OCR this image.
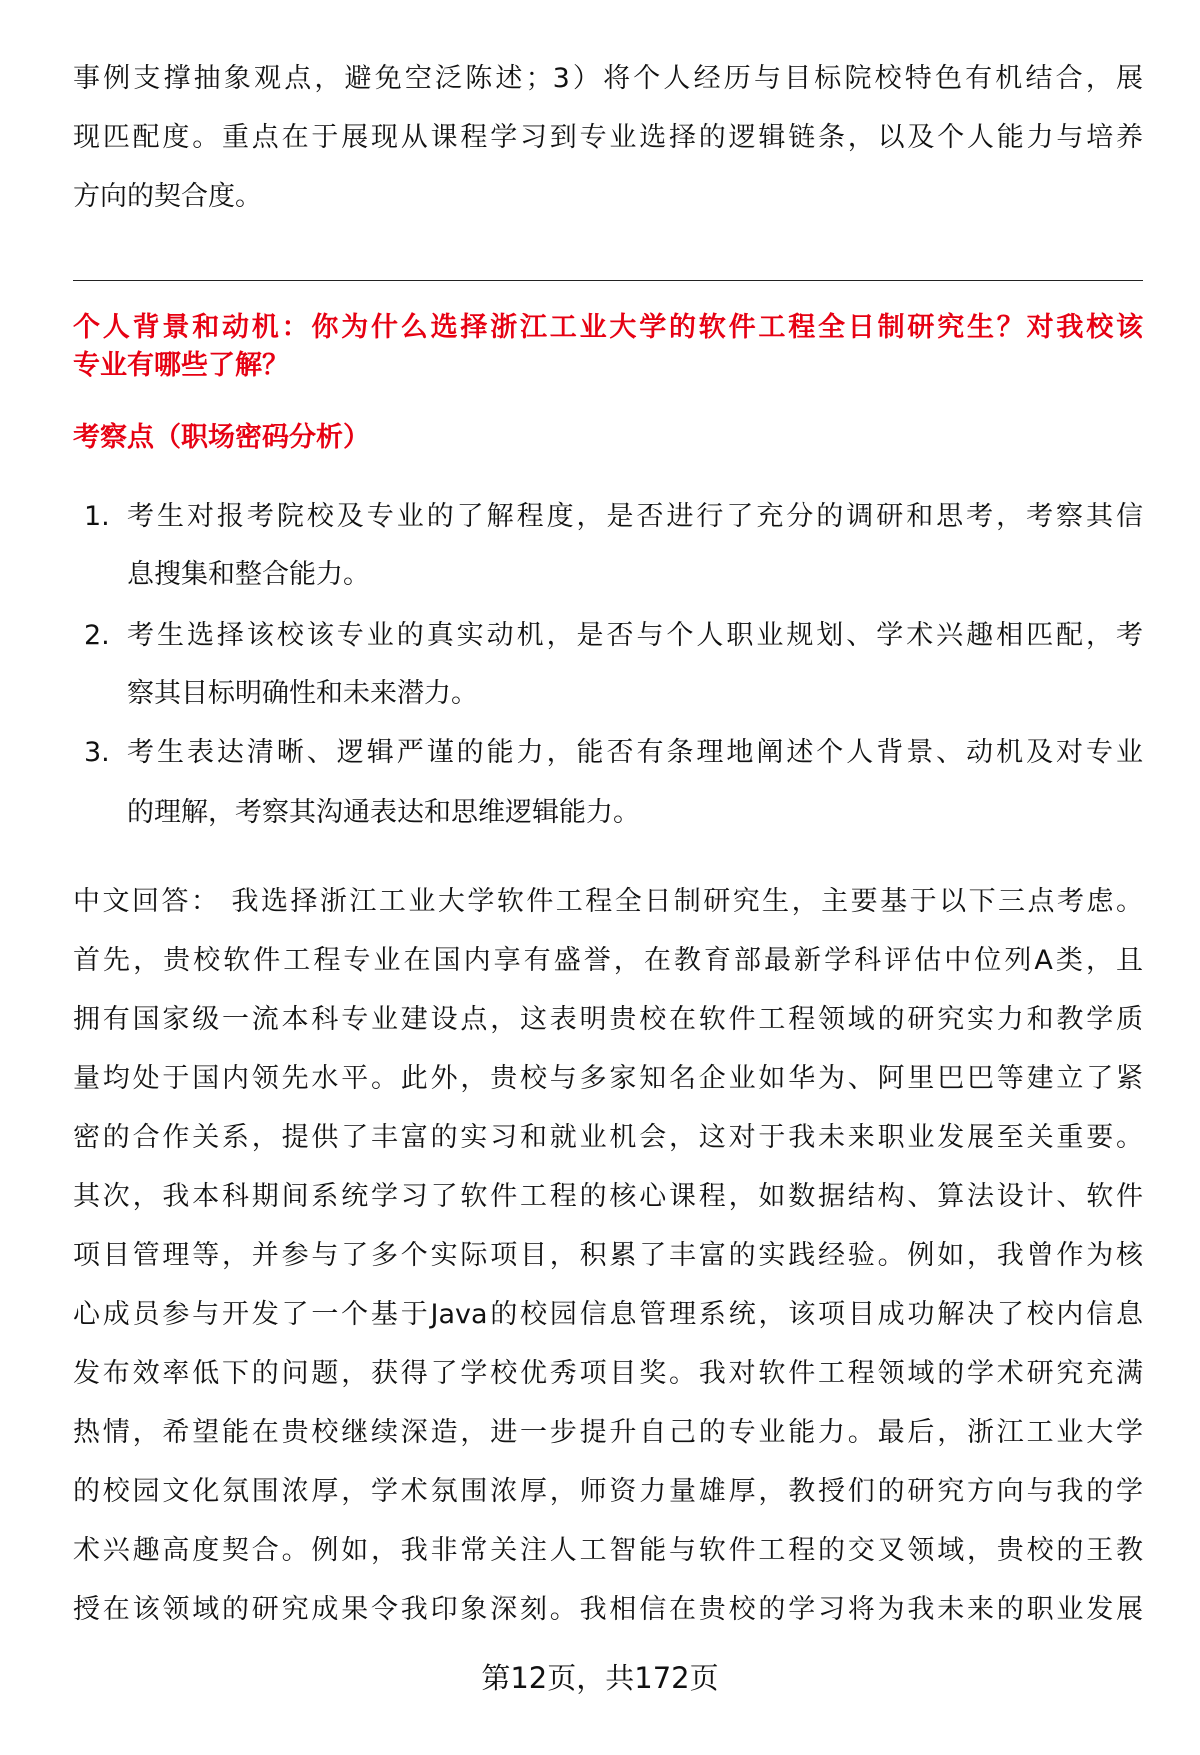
事例支撑抽象观点，避免空泛陈述；3）将个人经历与目标院校特色有机结合，展
现匹配度。重点在于展现从课程学习到专业选择的逻辑链条，以及个人能力与培养
方向的契合度。
个人背景和动机：你为什么选择浙江工业大学的软件工程全日制研究生？对我校该
专业有哪些了解？
考察点（职场密码分析）
1. 考生对报考院校及专业的了解程度，是否进行了充分的调研和思考，考察其信
息搜集和整合能力。
2. 考生选择该校该专业的真实动机，是否与个人职业规划、学术兴趣相匹配，考
察其目标明确性和未来潜力。
3. 考生表达清晰、逻辑严谨的能力，能否有条理地阐述个人背景、动机及对专业
的理解，考察其沟通表达和思维逻辑能力。
中文回答： 我选择浙江工业大学软件工程全日制研究生，主要基于以下三点考虑。
首先，贵校软件工程专业在国内享有盛誉，在教育部最新学科评估中位列A类，且
拥有国家级一流本科专业建设点，这表明贵校在软件工程领域的研究实力和教学质
量均处于国内领先水平。此外，贵校与多家知名企业如华为、阿里巴巴等建立了紧
密的合作关系，提供了丰富的实习和就业机会，这对于我未来职业发展至关重要。
其次，我本科期间系统学习了软件工程的核心课程，如数据结构、算法设计、软件
项目管理等，并参与了多个实际项目，积累了丰富的实践经验。例如，我曾作为核
心成员参与开发了一个基于Java的校园信息管理系统，该项目成功解决了校内信息
发布效率低下的问题，获得了学校优秀项目奖。我对软件工程领域的学术研究充满
热情，希望能在贵校继续深造，进一步提升自己的专业能力。最后，浙江工业大学
的校园文化氛围浓厚，学术氛围浓厚，师资力量雄厚，教授们的研究方向与我的学
术兴趣高度契合。例如，我非常关注人工智能与软件工程的交叉领域，贵校的王教
授在该领域的研究成果令我印象深刻。我相信在贵校的学习将为我未来的职业发展
第12页，共172页
